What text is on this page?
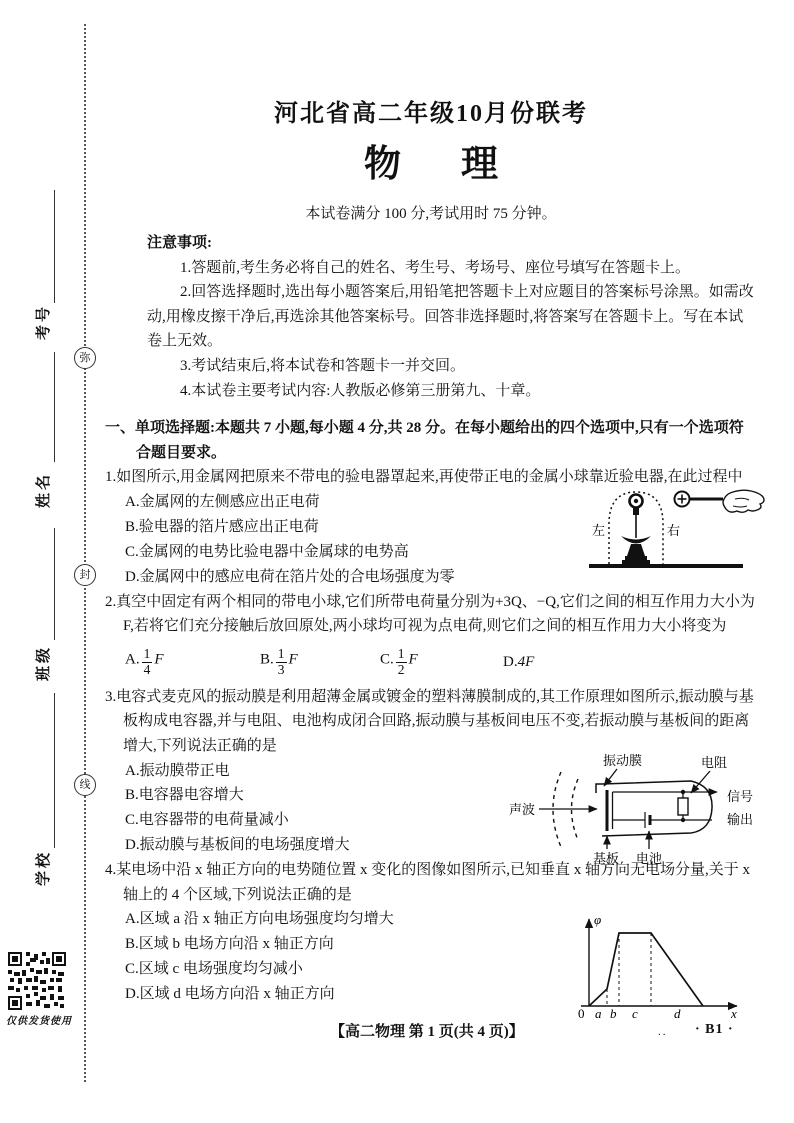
考号
姓名
班级
学校
弥
封
线
仅供发货使用
河北省高二年级10月份联考
物理
本试卷满分 100 分,考试用时 75 分钟。
注意事项:

1.答题前,考生务必将自己的姓名、考生号、考场号、座位号填写在答题卡上。

2.回答选择题时,选出每小题答案后,用铅笔把答题卡上对应题目的答案标号涂黑。如需改动,用橡皮擦干净后,再选涂其他答案标号。回答非选择题时,将答案写在答题卡上。写在本试卷上无效。

3.考试结束后,将本试卷和答题卡一并交回。

4.本试卷主要考试内容:人教版必修第三册第九、十章。

一、单项选择题:本题共 7 小题,每小题 4 分,共 28 分。在每小题给出的四个选项中,只有一个选项符合题目要求。

1.如图所示,用金属网把原来不带电的验电器罩起来,再使带正电的金属小球靠近验电器,在此过程中

A.金属网的左侧感应出正电荷
B.验电器的箔片感应出正电荷
C.金属网的电势比验电器中金属球的电势高
D.金属网中的感应电荷在箔片处的合电场强度为零

2.真空中固定有两个相同的带电小球,它们所带电荷量分别为+3Q、−Q,它们之间的相互作用力大小为 F,若将它们充分接触后放回原处,两小球均可视为点电荷,则它们之间的相互作用力大小将变为

A. $\frac{1}{4}$ F	B. $\frac{1}{3}$ F	C. $\frac{1}{2}$ F	D.4F

3.电容式麦克风的振动膜是利用超薄金属或镀金的塑料薄膜制成的,其工作原理如图所示,振动膜与基板构成电容器,并与电阻、电池构成闭合回路,振动膜与基板间电压不变,若振动膜与基板间的距离增大,下列说法正确的是

A.振动膜带正电
B.电容器电容增大
C.电容器带的电荷量减小
D.振动膜与基板间的电场强度增大

4.某电场中沿 x 轴正方向的电势随位置 x 变化的图像如图所示,已知垂直 x 轴方向无电场分量,关于 x 轴上的 4 个区域,下列说法正确的是

A.区域 a 沿 x 轴正方向电场强度均匀增大
B.区域 b 电场方向沿 x 轴正方向
C.区域 c 电场强度均匀减小
D.区域 d 电场方向沿 x 轴正方向
左	右
振动膜	电阻
信号
输出
声波
基板 电池
φ
0 a b c	d	x
【高二物理 第 1 页(共 4 页)】	.. · B1 ·
